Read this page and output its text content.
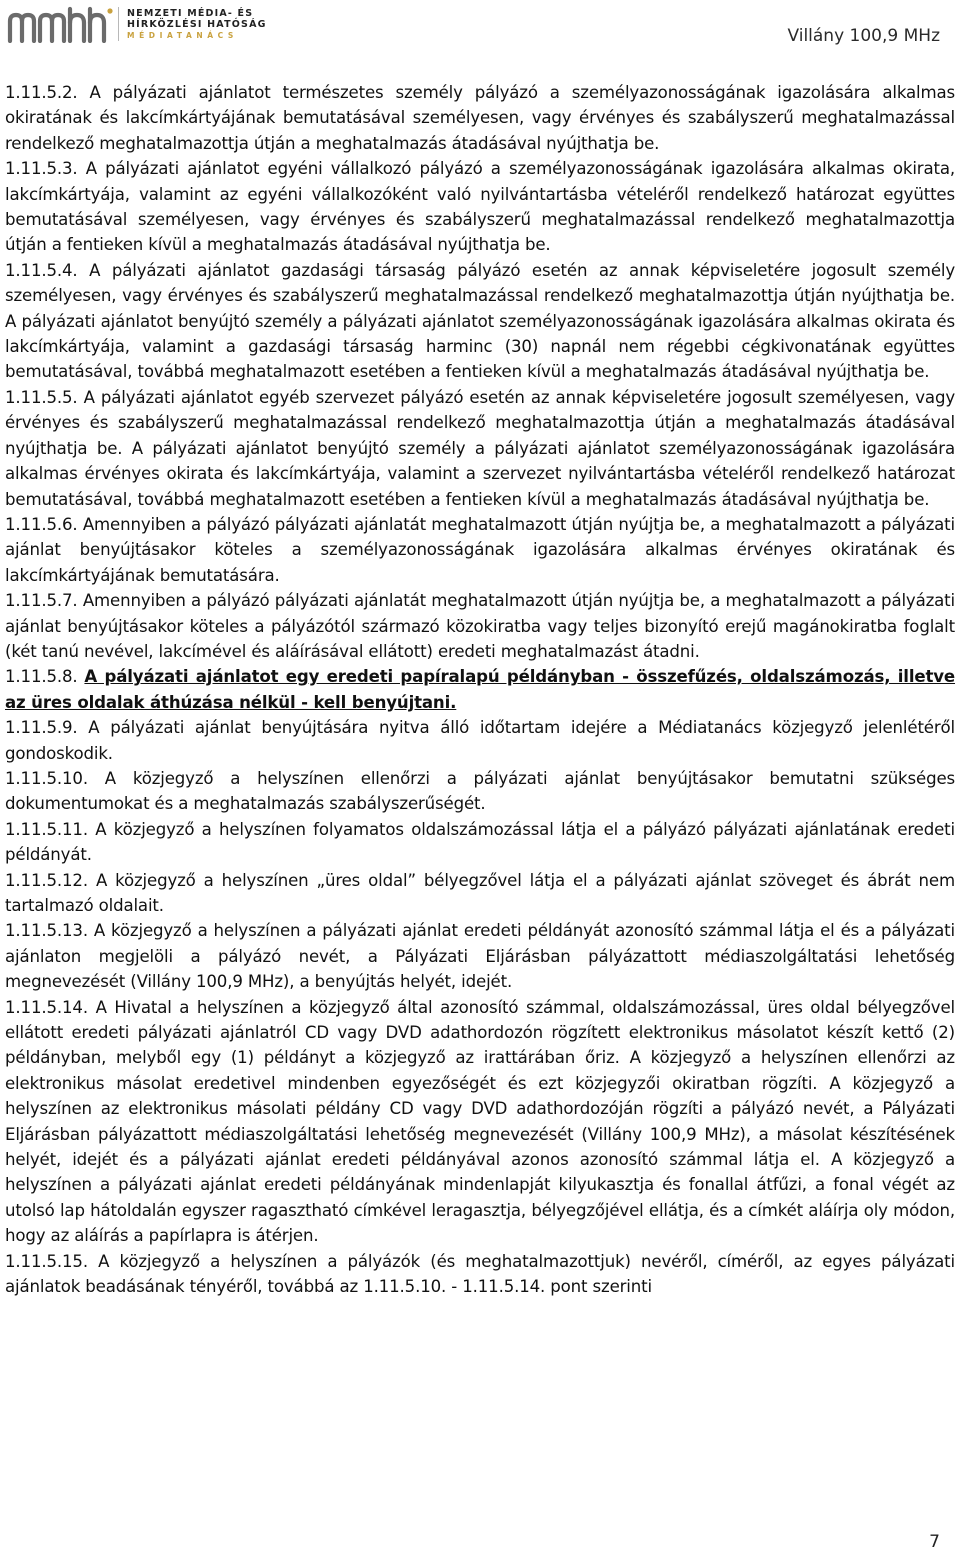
NEMZETI MÉDIA- ÉS
HÍRKÖZLÉSI HATÓSÁG
MÉDIATANÁCS	Villány 100,9 MHz

1.11.5.2. A pályázati ajánlatot természetes személy pályázó a személyazonosságának igazolására alkalmas okiratának és lakcímkártyájának bemutatásával személyesen, vagy érvényes és szabályszerű meghatalmazással rendelkező meghatalmazottja útján a meghatalmazás átadásával nyújthatja be.

1.11.5.3. A pályázati ajánlatot egyéni vállalkozó pályázó a személyazonosságának igazolására alkalmas okirata, lakcímkártyája, valamint az egyéni vállalkozóként való nyilvántartásba vételéről rendelkező határozat együttes bemutatásával személyesen, vagy érvényes és szabályszerű meghatalmazással rendelkező meghatalmazottja útján a fentieken kívül a meghatalmazás átadásával nyújthatja be.

1.11.5.4. A pályázati ajánlatot gazdasági társaság pályázó esetén az annak képviseletére jogosult személy személyesen, vagy érvényes és szabályszerű meghatalmazással rendelkező meghatalmazottja útján nyújthatja be. A pályázati ajánlatot benyújtó személy a pályázati ajánlatot személyazonosságának igazolására alkalmas okirata és lakcímkártyája, valamint a gazdasági társaság harminc (30) napnál nem régebbi cégkivonatának együttes bemutatásával, továbbá meghatalmazott esetében a fentieken kívül a meghatalmazás átadásával nyújthatja be.

1.11.5.5. A pályázati ajánlatot egyéb szervezet pályázó esetén az annak képviseletére jogosult személyesen, vagy érvényes és szabályszerű meghatalmazással rendelkező meghatalmazottja útján a meghatalmazás átadásával nyújthatja be. A pályázati ajánlatot benyújtó személy a pályázati ajánlatot személyazonosságának igazolására alkalmas érvényes okirata és lakcímkártyája, valamint a szervezet nyilvántartásba vételéről rendelkező határozat bemutatásával, továbbá meghatalmazott esetében a fentieken kívül a meghatalmazás átadásával nyújthatja be.

1.11.5.6. Amennyiben a pályázó pályázati ajánlatát meghatalmazott útján nyújtja be, a meghatalmazott a pályázati ajánlat benyújtásakor köteles a személyazonosságának igazolására alkalmas érvényes okiratának és lakcímkártyájának bemutatására.

1.11.5.7. Amennyiben a pályázó pályázati ajánlatát meghatalmazott útján nyújtja be, a meghatalmazott a pályázati ajánlat benyújtásakor köteles a pályázótól származó közokiratba vagy teljes bizonyító erejű magánokiratba foglalt (két tanú nevével, lakcímével és aláírásával ellátott) eredeti meghatalmazást átadni.

1.11.5.8. A pályázati ajánlatot egy eredeti papíralapú példányban - összefűzés, oldalszámozás, illetve az üres oldalak áthúzása nélkül - kell benyújtani.

1.11.5.9. A pályázati ajánlat benyújtására nyitva álló időtartam idejére a Médiatanács közjegyző jelenlétéről gondoskodik.

1.11.5.10. A közjegyző a helyszínen ellenőrzi a pályázati ajánlat benyújtásakor bemutatni szükséges dokumentumokat és a meghatalmazás szabályszerűségét.

1.11.5.11. A közjegyző a helyszínen folyamatos oldalszámozással látja el a pályázó pályázati ajánlatának eredeti példányát.

1.11.5.12. A közjegyző a helyszínen „üres oldal” bélyegzővel látja el a pályázati ajánlat szöveget és ábrát nem tartalmazó oldalait.

1.11.5.13. A közjegyző a helyszínen a pályázati ajánlat eredeti példányát azonosító számmal látja el és a pályázati ajánlaton megjelöli a pályázó nevét, a Pályázati Eljárásban pályázattott médiaszolgáltatási lehetőség megnevezését (Villány 100,9 MHz), a benyújtás helyét, idejét.

1.11.5.14. A Hivatal a helyszínen a közjegyző által azonosító számmal, oldalszámozással, üres oldal bélyegzővel ellátott eredeti pályázati ajánlatról CD vagy DVD adathordozón rögzített elektronikus másolatot készít kettő (2) példányban, melyből egy (1) példányt a közjegyző az irattárában őriz. A közjegyző a helyszínen ellenőrzi az elektronikus másolat eredetivel mindenben egyezőségét és ezt közjegyzői okiratban rögzíti. A közjegyző a helyszínen az elektronikus másolati példány CD vagy DVD adathordozóján rögzíti a pályázó nevét, a Pályázati Eljárásban pályázattott médiaszolgáltatási lehetőség megnevezését (Villány 100,9 MHz), a másolat készítésének helyét, idejét és a pályázati ajánlat eredeti példányával azonos azonosító számmal látja el. A közjegyző a helyszínen a pályázati ajánlat eredeti példányának mindenlapját kilyukasztja és fonallal átfűzi, a fonal végét az utolsó lap hátoldalán egyszer ragasztható címkével leragasztja, bélyegzőjével ellátja, és a címkét aláírja oly módon, hogy az aláírás a papírlapra is átérjen.

1.11.5.15. A közjegyző a helyszínen a pályázók (és meghatalmazottjuk) nevéről, címéről, az egyes pályázati ajánlatok beadásának tényéről, továbbá az 1.11.5.10. - 1.11.5.14. pont szerinti

7
